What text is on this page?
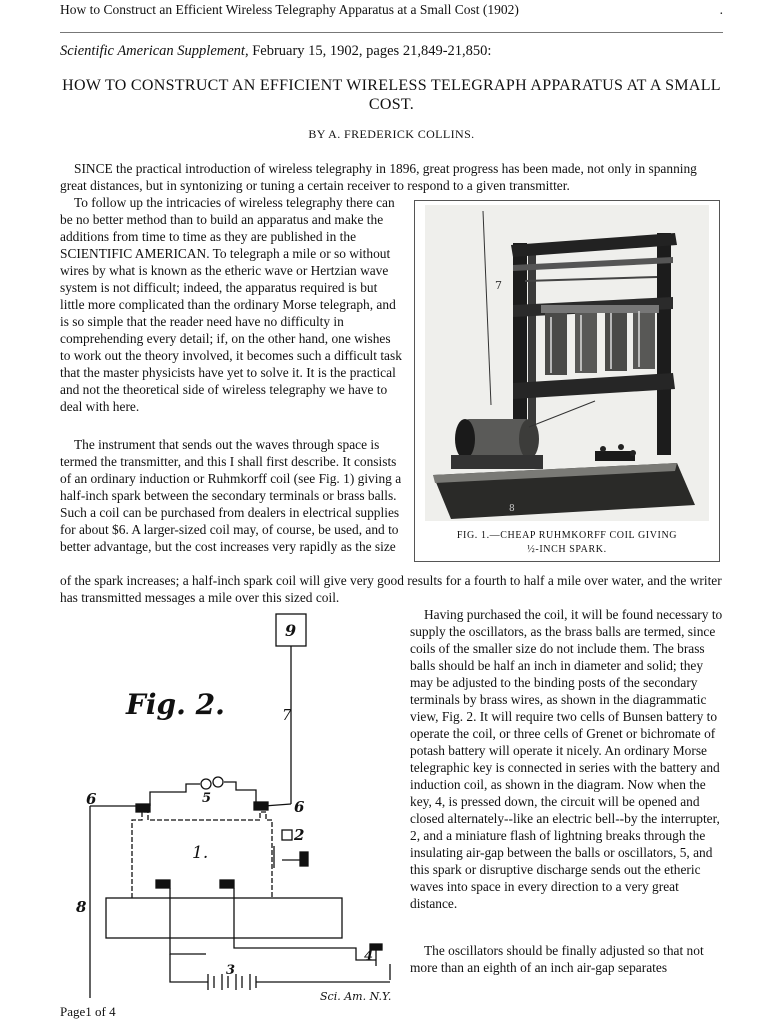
How to Construct an Efficient Wireless Telegraphy Apparatus at a Small Cost (1902)	.
Scientific American Supplement, February 15, 1902, pages 21,849-21,850:
HOW TO CONSTRUCT AN EFFICIENT WIRELESS TELEGRAPH APPARATUS AT A SMALL COST.
BY A. FREDERICK COLLINS.

SINCE the practical introduction of wireless telegraphy in 1896, great progress has been made, not only in spanning great distances, but in syntonizing or tuning a certain receiver to respond to a given transmitter.

To follow up the intricacies of wireless telegraphy there can be no better method than to build an apparatus and make the additions from time to time as they are published in the SCIENTIFIC AMERICAN. To telegraph a mile or so without wires by what is known as the etheric wave or Hertzian wave system is not difficult; indeed, the apparatus required is but little more complicated than the ordinary Morse telegraph, and is so simple that the reader need have no difficulty in comprehending every detail; if, on the other hand, one wishes to work out the theory involved, it becomes such a difficult task that the master physicists have yet to solve it. It is the practical and not the theoretical side of wireless telegraphy we have to deal with here.

The instrument that sends out the waves through space is termed the transmitter, and this I shall first describe. It consists of an ordinary induction or Ruhmkorff coil (see Fig. 1) giving a half-inch spark between the secondary terminals or brass balls. Such a coil can be purchased from dealers in electrical supplies for about $6. A larger-sized coil may, of course, be used, and to better advantage, but the cost increases very rapidly as the size

of the spark increases; a half-inch spark coil will give very good results for a fourth to half a mile over water, and the writer has transmitted messages a mile over this sized coil.

Having purchased the coil, it will be found necessary to supply the oscillators, as the brass balls are termed, since coils of the smaller size do not include them. The brass balls should be half an inch in diameter and solid; they may be adjusted to the binding posts of the secondary terminals by brass wires, as shown in the diagrammatic view, Fig. 2. It will require two cells of Bunsen battery to operate the coil, or three cells of Grenet or bichromate of potash battery will operate it nicely. An ordinary Morse telegraphic key is connected in series with the battery and induction coil, as shown in the diagram. Now when the key, 4, is pressed down, the circuit will be opened and closed alternately--like an electric bell--by the interrupter, 2, and a miniature flash of lightning breaks through the insulating air-gap between the balls or oscillators, 5, and this spark or disruptive discharge sends out the etheric waves into space in every direction to a very great distance.

The oscillators should be finally adjusted so that not more than an eighth of an inch air-gap separates

7
8
FIG. 1.—CHEAP RUHMKORFF COIL GIVING
½-INCH SPARK.
Fig. 2.
9
7
6	6
5
1.
2
8
3
4
Sci. Am. N.Y.
Page1 of 4
